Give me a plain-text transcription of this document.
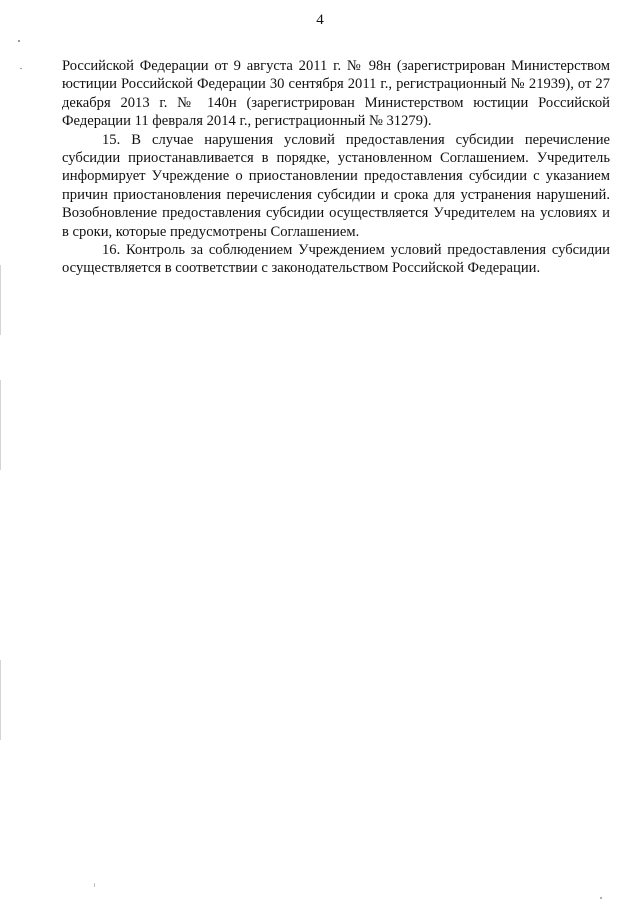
4

Российской Федерации от 9 августа 2011 г. № 98н (зарегистрирован Министерством юстиции Российской Федерации 30 сентября 2011 г., регистрационный № 21939), от 27 декабря 2013 г. № 140н (зарегистрирован Министерством юстиции Российской Федерации 11 февраля 2014 г., регистрационный № 31279).

15. В случае нарушения условий предоставления субсидии перечисление субсидии приостанавливается в порядке, установленном Соглашением. Учредитель информирует Учреждение о приостановлении предоставления субсидии с указанием причин приостановления перечисления субсидии и срока для устранения нарушений. Возобновление предоставления субсидии осуществляется Учредителем на условиях и в сроки, которые предусмотрены Соглашением.

16. Контроль за соблюдением Учреждением условий предоставления субсидии осуществляется в соответствии с законодательством Российской Федерации.
